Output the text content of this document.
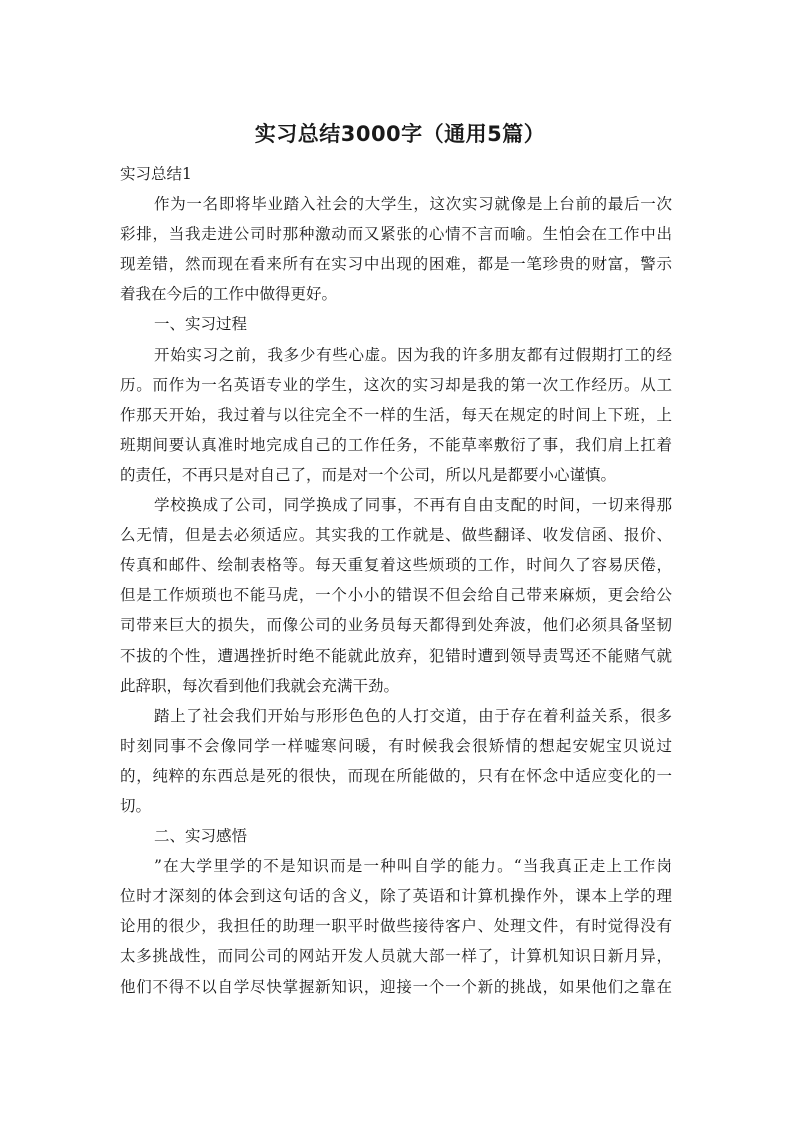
实习总结3000字（通用5篇）
实习总结1
作为一名即将毕业踏入社会的大学生，这次实习就像是上台前的最后一次
彩排，当我走进公司时那种激动而又紧张的心情不言而喻。生怕会在工作中出
现差错，然而现在看来所有在实习中出现的困难，都是一笔珍贵的财富，警示
着我在今后的工作中做得更好。
一、实习过程
开始实习之前，我多少有些心虚。因为我的许多朋友都有过假期打工的经
历。而作为一名英语专业的学生，这次的实习却是我的第一次工作经历。从工
作那天开始，我过着与以往完全不一样的生活，每天在规定的时间上下班，上
班期间要认真准时地完成自己的工作任务，不能草率敷衍了事，我们肩上扛着
的责任，不再只是对自己了，而是对一个公司，所以凡是都要小心谨慎。
学校换成了公司，同学换成了同事，不再有自由支配的时间，一切来得那
么无情，但是去必须适应。其实我的工作就是、做些翻译、收发信函、报价、
传真和邮件、绘制表格等。每天重复着这些烦琐的工作，时间久了容易厌倦，
但是工作烦琐也不能马虎，一个小小的错误不但会给自己带来麻烦，更会给公
司带来巨大的损失，而像公司的业务员每天都得到处奔波，他们必须具备坚韧
不拔的个性，遭遇挫折时绝不能就此放弃，犯错时遭到领导责骂还不能赌气就
此辞职，每次看到他们我就会充满干劲。
踏上了社会我们开始与形形色色的人打交道，由于存在着利益关系，很多
时刻同事不会像同学一样嘘寒问暖，有时候我会很矫情的想起安妮宝贝说过
的，纯粹的东西总是死的很快，而现在所能做的，只有在怀念中适应变化的一
切。
二、实习感悟
”在大学里学的不是知识而是一种叫自学的能力。“当我真正走上工作岗
位时才深刻的体会到这句话的含义，除了英语和计算机操作外，课本上学的理
论用的很少，我担任的助理一职平时做些接待客户、处理文件，有时觉得没有
太多挑战性，而同公司的网站开发人员就大部一样了，计算机知识日新月异，
他们不得不以自学尽快掌握新知识，迎接一个一个新的挑战，如果他们之靠在
